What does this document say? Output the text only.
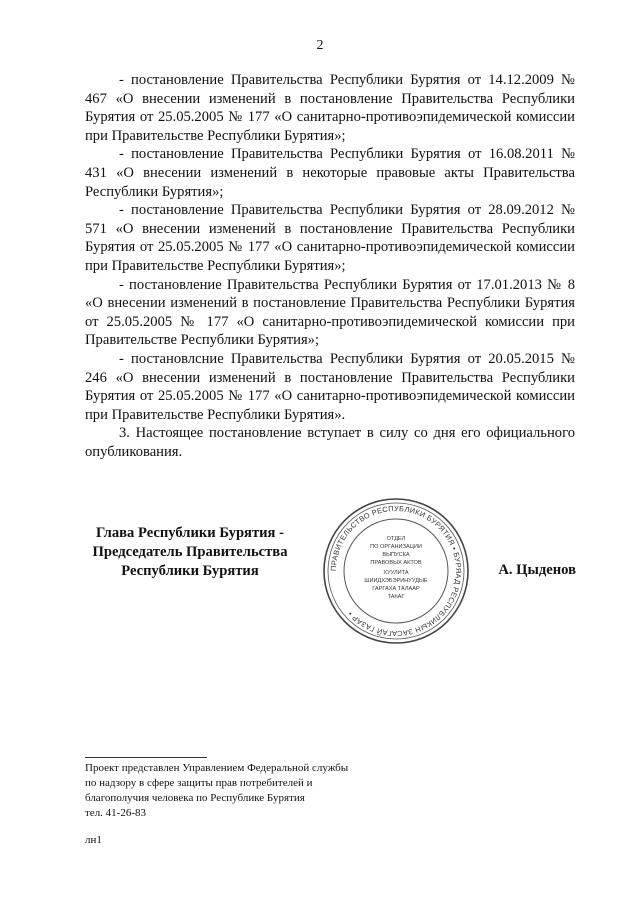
2

- постановление Правительства Республики Бурятия от 14.12.2009 № 467 «О внесении изменений в постановление Правительства Республики Бурятия от 25.05.2005 № 177 «О санитарно-противоэпидемической комиссии при Правительстве Республики Бурятия»;

- постановление Правительства Республики Бурятия от 16.08.2011 № 431 «О внесении изменений в некоторые правовые акты Правительства Республики Бурятия»;

- постановление Правительства Республики Бурятия от 28.09.2012 № 571 «О внесении изменений в постановление Правительства Республики Бурятия от 25.05.2005 № 177 «О санитарно-противоэпидемической комиссии при Правительстве Республики Бурятия»;

- постановление Правительства Республики Бурятия от 17.01.2013 № 8 «О внесении изменений в постановление Правительства Республики Бурятия от 25.05.2005 № 177 «О санитарно-противоэпидемической комиссии при Правительстве Республики Бурятия»;

- постановлсние Правительства Республики Бурятия от 20.05.2015 № 246 «О внесении изменений в постановление Правительства Республики Бурятия от 25.05.2005 № 177 «О санитарно-противоэпидемической комиссии при Правительстве Республики Бурятия».

3. Настоящее постановление вступает в силу со дня его официального опубликования.

Глава Республики Бурятия -
Председатель Правительства
Республики Бурятия	ПРАВИТЕЛЬСТВО РЕСПУБЛИКИ БУРЯТИЯ • БУРЯАД РЕСПУБЛИКЫН ЗАСАГАЙ ГАЗАР •
ОТДЕЛ
ПО ОРГАНИЗАЦИИ
ВЫПУСКА
ПРАВОВЫХ АКТОВ
ХУУЛИТА
ШИИДХЭБЭРИНУУДЫЕ
ГАРГАХА ТАЛААР
ТАһАГ
А. Цыденов
Проект представлен Управлением Федеральной службы
по надзору в сфере защиты прав потребителей и
благополучия человека по Республике Бурятия
тел. 41-26-83
лн1
